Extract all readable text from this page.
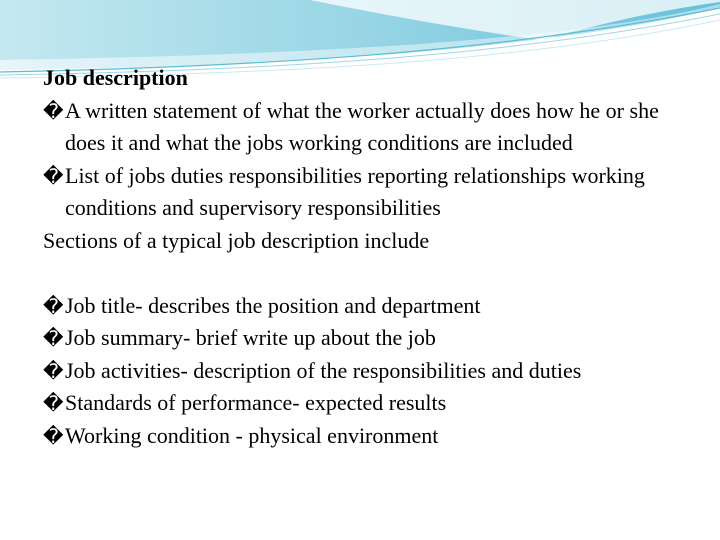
Job description
�A written statement of what the worker actually does how he or she does it and what the jobs working conditions are included
�List of jobs duties responsibilities reporting relationships working conditions and supervisory responsibilities
Sections of a typical job description include
�Job title- describes the position and department
�Job summary- brief write up about the job
�Job activities- description of the responsibilities and duties
�Standards of performance- expected results
�Working condition - physical environment
